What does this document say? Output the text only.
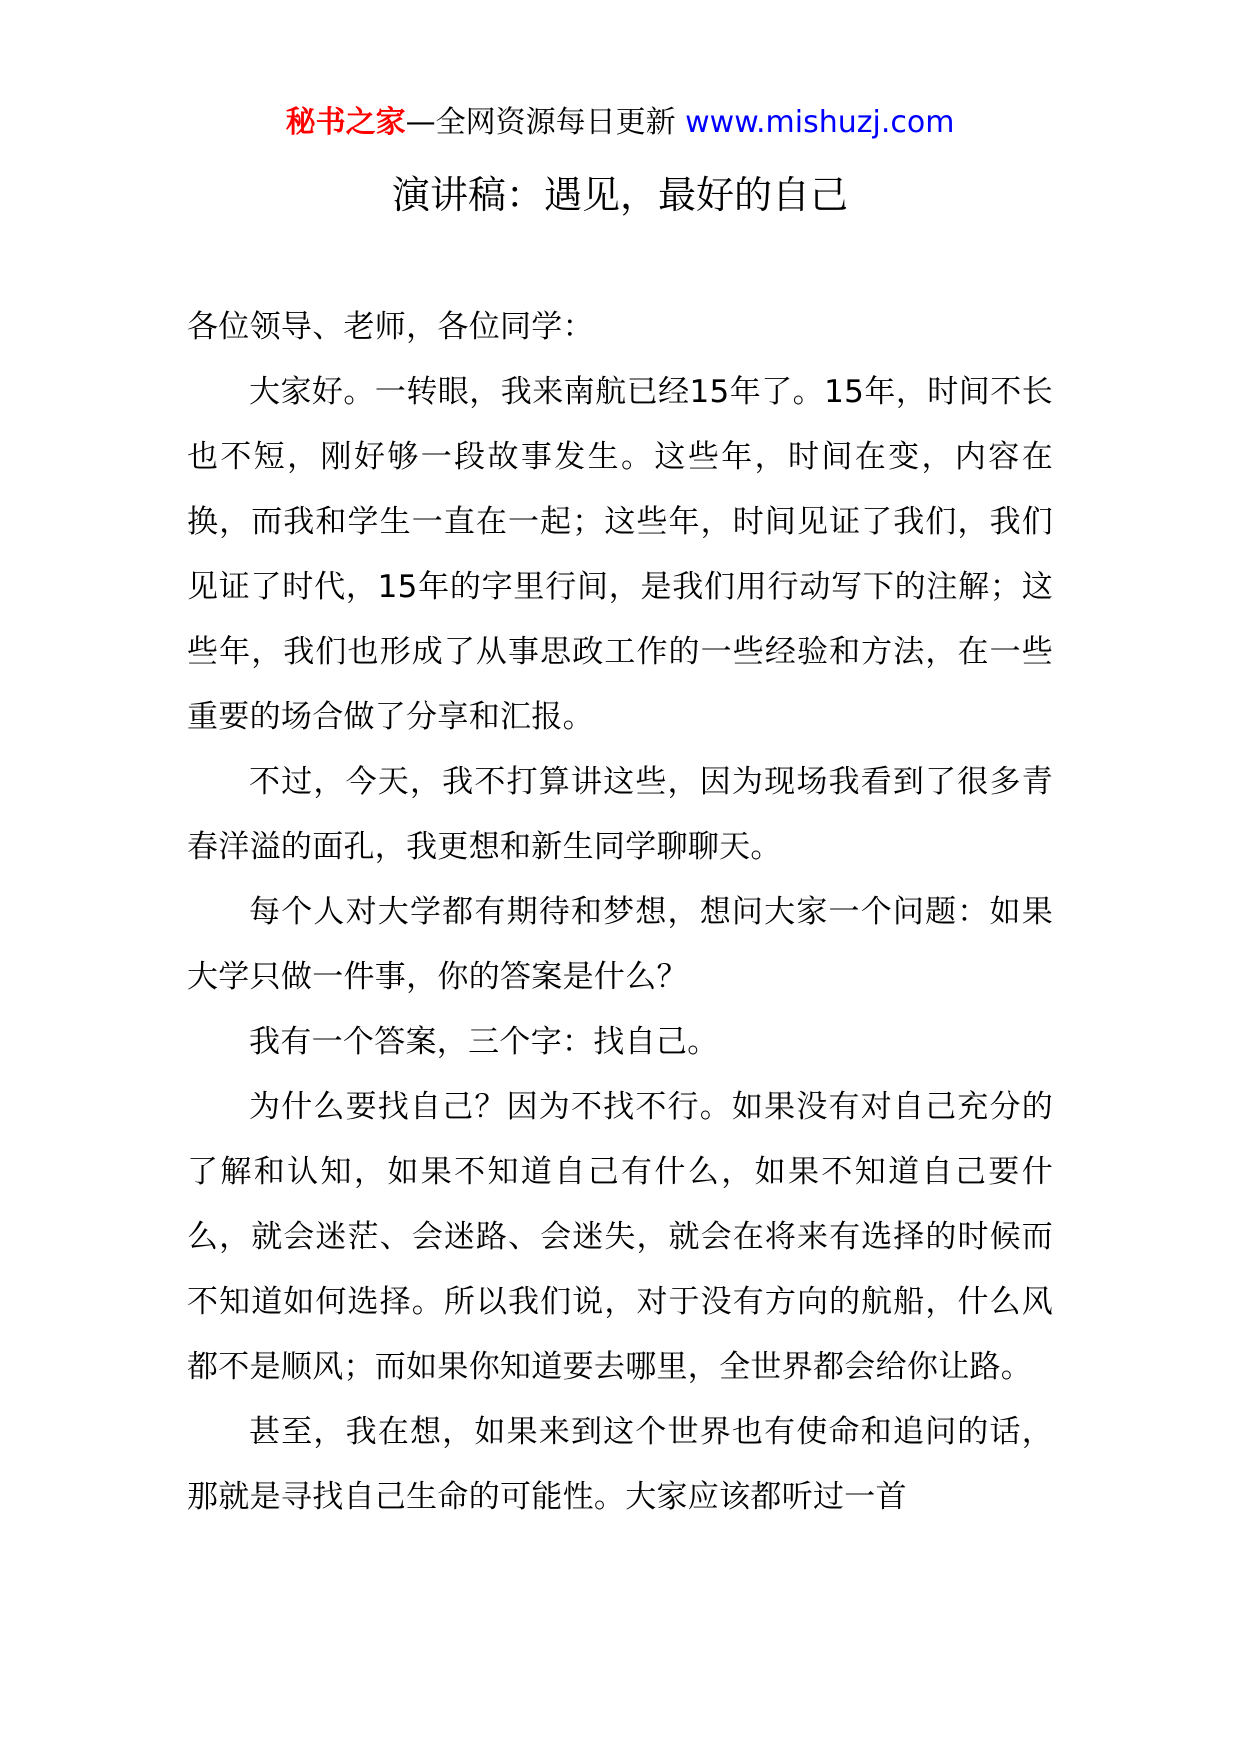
秘书之家—全网资源每日更新 www.mishuzj.com
演讲稿：遇见，最好的自己

各位领导、老师，各位同学：

大家好。一转眼，我来南航已经15年了。15年，时间不长也不短，刚好够一段故事发生。这些年，时间在变，内容在换，而我和学生一直在一起；这些年，时间见证了我们，我们见证了时代，15年的字里行间，是我们用行动写下的注解；这些年，我们也形成了从事思政工作的一些经验和方法，在一些重要的场合做了分享和汇报。

不过，今天，我不打算讲这些，因为现场我看到了很多青春洋溢的面孔，我更想和新生同学聊聊天。

每个人对大学都有期待和梦想，想问大家一个问题：如果大学只做一件事，你的答案是什么？

我有一个答案，三个字：找自己。

为什么要找自己？因为不找不行。如果没有对自己充分的了解和认知，如果不知道自己有什么，如果不知道自己要什么，就会迷茫、会迷路、会迷失，就会在将来有选择的时候而不知道如何选择。所以我们说，对于没有方向的航船，什么风都不是顺风；而如果你知道要去哪里，全世界都会给你让路。

甚至，我在想，如果来到这个世界也有使命和追问的话，那就是寻找自己生命的可能性。大家应该都听过一首
